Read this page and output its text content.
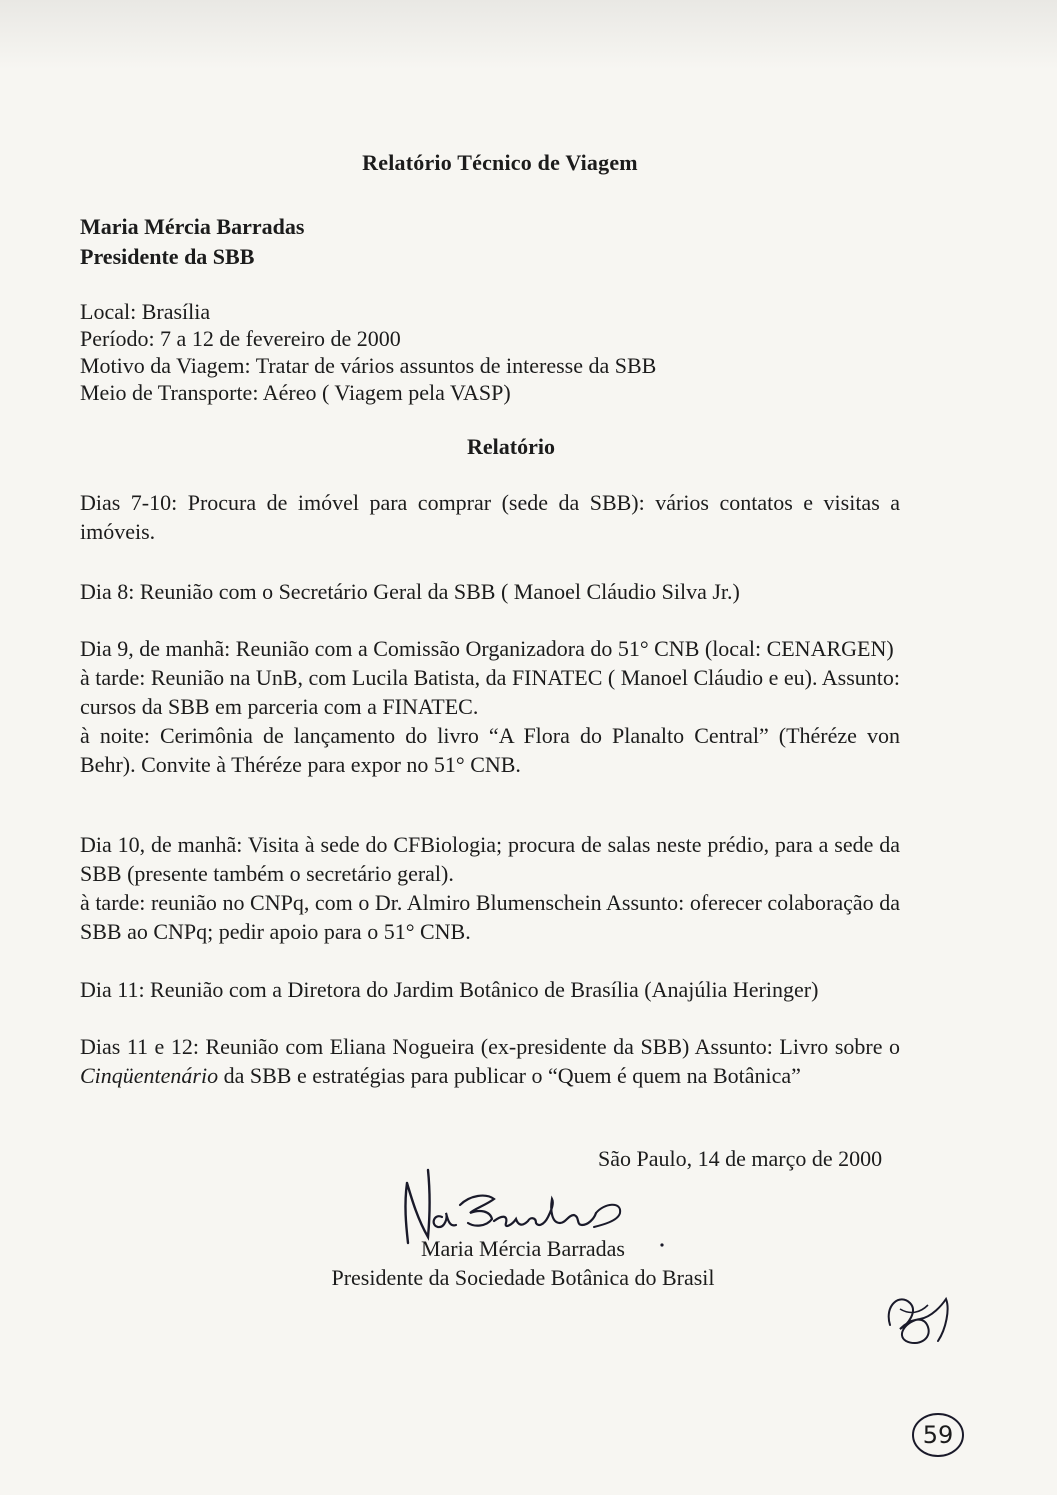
Relatório Técnico de Viagem
Maria Mércia Barradas
Presidente da SBB
Local: Brasília
Período: 7 a 12 de fevereiro de 2000
Motivo da Viagem: Tratar de vários assuntos de interesse da SBB
Meio de Transporte: Aéreo ( Viagem pela VASP)
Relatório

Dias 7-10: Procura de imóvel para comprar (sede da SBB): vários contatos e visitas a imóveis.

Dia 8: Reunião com o Secretário Geral da SBB ( Manoel Cláudio Silva Jr.)

Dia 9, de manhã: Reunião com a Comissão Organizadora do 51° CNB (local: CENARGEN)

à tarde: Reunião na UnB, com Lucila Batista, da FINATEC ( Manoel Cláudio e eu). Assunto: cursos da SBB em parceria com a FINATEC.

à noite: Cerimônia de lançamento do livro “A Flora do Planalto Central” (Théréze von Behr). Convite à Théréze para expor no 51° CNB.

Dia 10, de manhã: Visita à sede do CFBiologia; procura de salas neste prédio, para a sede da SBB (presente também o secretário geral).

à tarde: reunião no CNPq, com o Dr. Almiro Blumenschein Assunto: oferecer colaboração da SBB ao CNPq; pedir apoio para o 51° CNB.

Dia 11: Reunião com a Diretora do Jardim Botânico de Brasília (Anajúlia Heringer)

Dias 11 e 12: Reunião com Eliana Nogueira (ex-presidente da SBB) Assunto: Livro sobre o Cinqüentenário da SBB e estratégias para publicar o “Quem é quem na Botânica”

São Paulo, 14 de março de 2000
Maria Mércia Barradas
Presidente da Sociedade Botânica do Brasil
59
